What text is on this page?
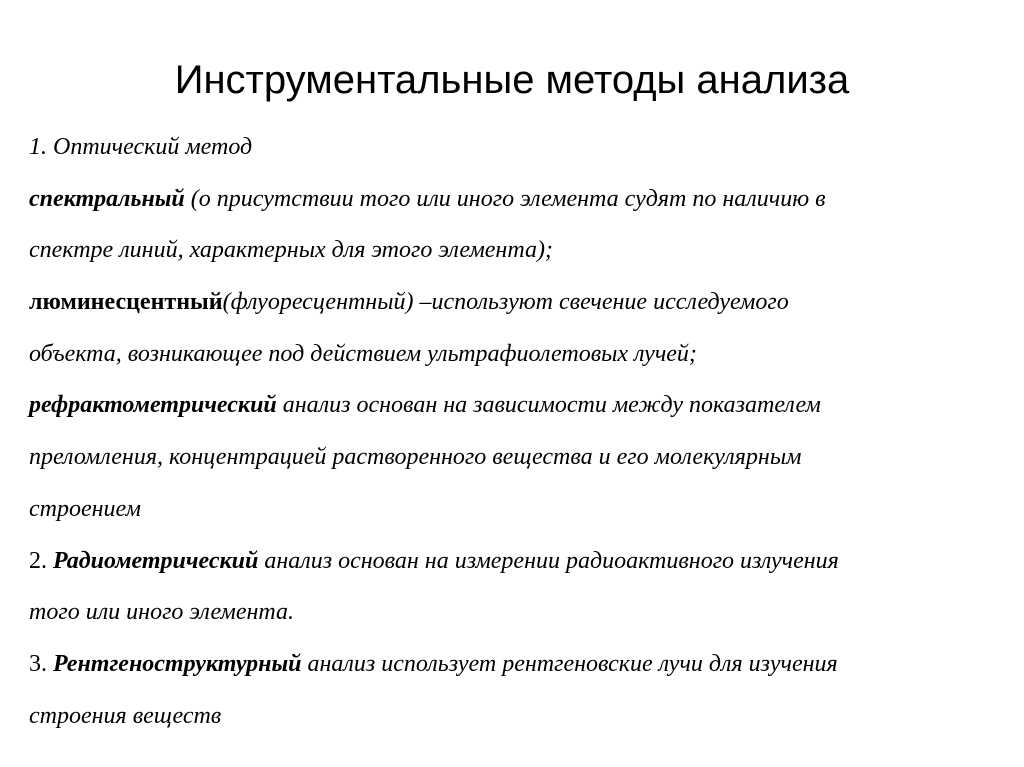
Инструментальные методы анализа
1. Оптический метод
спектральный (о присутствии того или иного элемента судят по наличию в
спектре линий, характерных для этого элемента);
люминесцентный(флуоресцентный) –используют свечение исследуемого
объекта, возникающее под действием ультрафиолетовых лучей;
рефрактометрический анализ основан на зависимости между показателем
преломления, концентрацией растворенного вещества и его молекулярным
строением
2. Радиометрический анализ основан на измерении радиоактивного излучения
того или иного элемента.
3. Рентгеноструктурный анализ использует рентгеновские лучи для изучения
строения веществ
